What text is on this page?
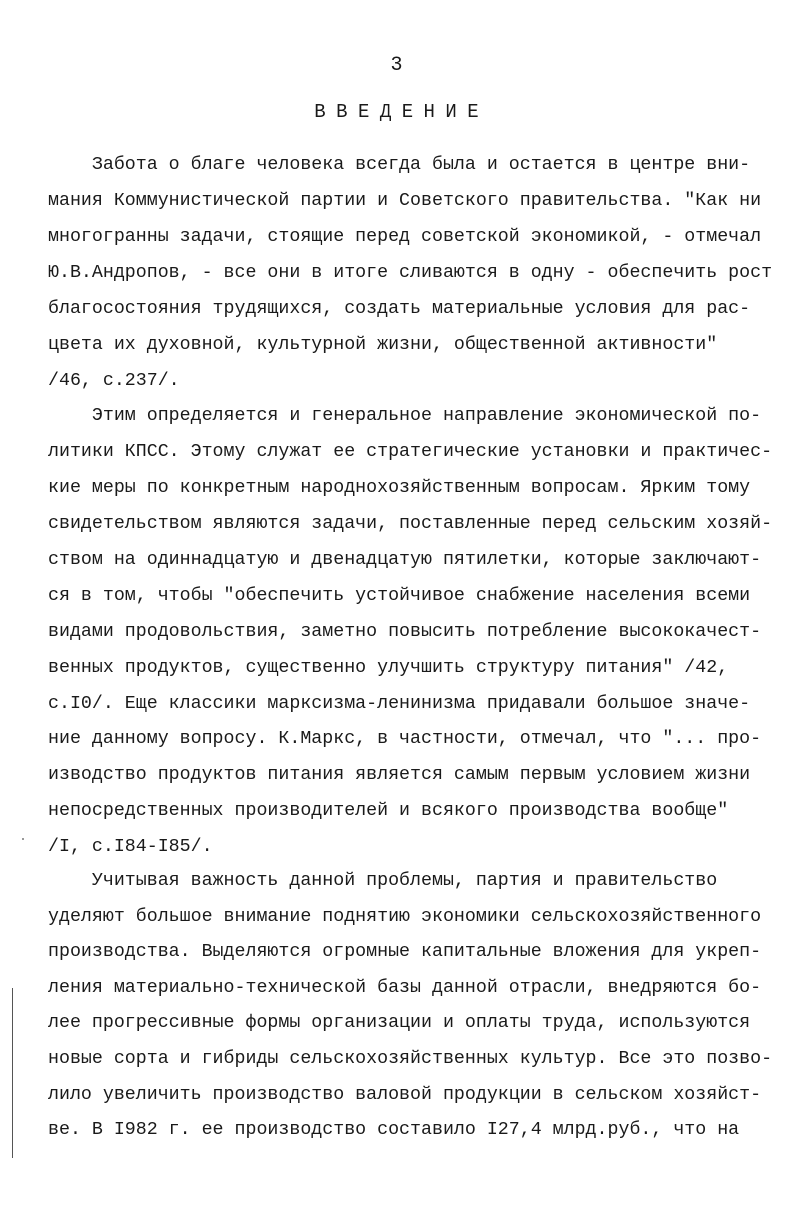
3
ВВЕДЕНИЕ
Забота о благе человека всегда была и остается в центре вни-
мания Коммунистической партии и Советского правительства. "Как ни
многогранны задачи, стоящие перед советской экономикой, - отмечал
Ю.В.Андропов, - все они в итоге сливаются в одну - обеспечить рост
благосостояния трудящихся, создать материальные условия для рас-
цвета их духовной, культурной жизни, общественной активности"
/46, с.237/.
Этим определяется и генеральное направление экономической по-
литики КПСС. Этому служат ее стратегические установки и практичес-
кие меры по конкретным народнохозяйственным вопросам. Ярким тому
свидетельством являются задачи, поставленные перед сельским хозяй-
ством на одиннадцатую и двенадцатую пятилетки, которые заключают-
ся в том, чтобы "обеспечить устойчивое снабжение населения всеми
видами продовольствия, заметно повысить потребление высококачест-
венных продуктов, существенно улучшить структуру питания" /42,
с.I0/. Еще классики марксизма-ленинизма придавали большое значе-
ние данному вопросу. К.Маркс, в частности, отмечал, что "... про-
изводство продуктов питания является самым первым условием жизни
непосредственных производителей и всякого производства вообще"
/I, с.I84-I85/.
Учитывая важность данной проблемы, партия и правительство
уделяют большое внимание поднятию экономики сельскохозяйственного
производства. Выделяются огромные капитальные вложения для укреп-
ления материально-технической базы данной отрасли, внедряются бо-
лее прогрессивные формы организации и оплаты труда, используются
новые сорта и гибриды сельскохозяйственных культур. Все это позво-
лило увеличить производство валовой продукции в сельском хозяйст-
ве. В I982 г. ее производство составило I27,4 млрд.руб., что на
